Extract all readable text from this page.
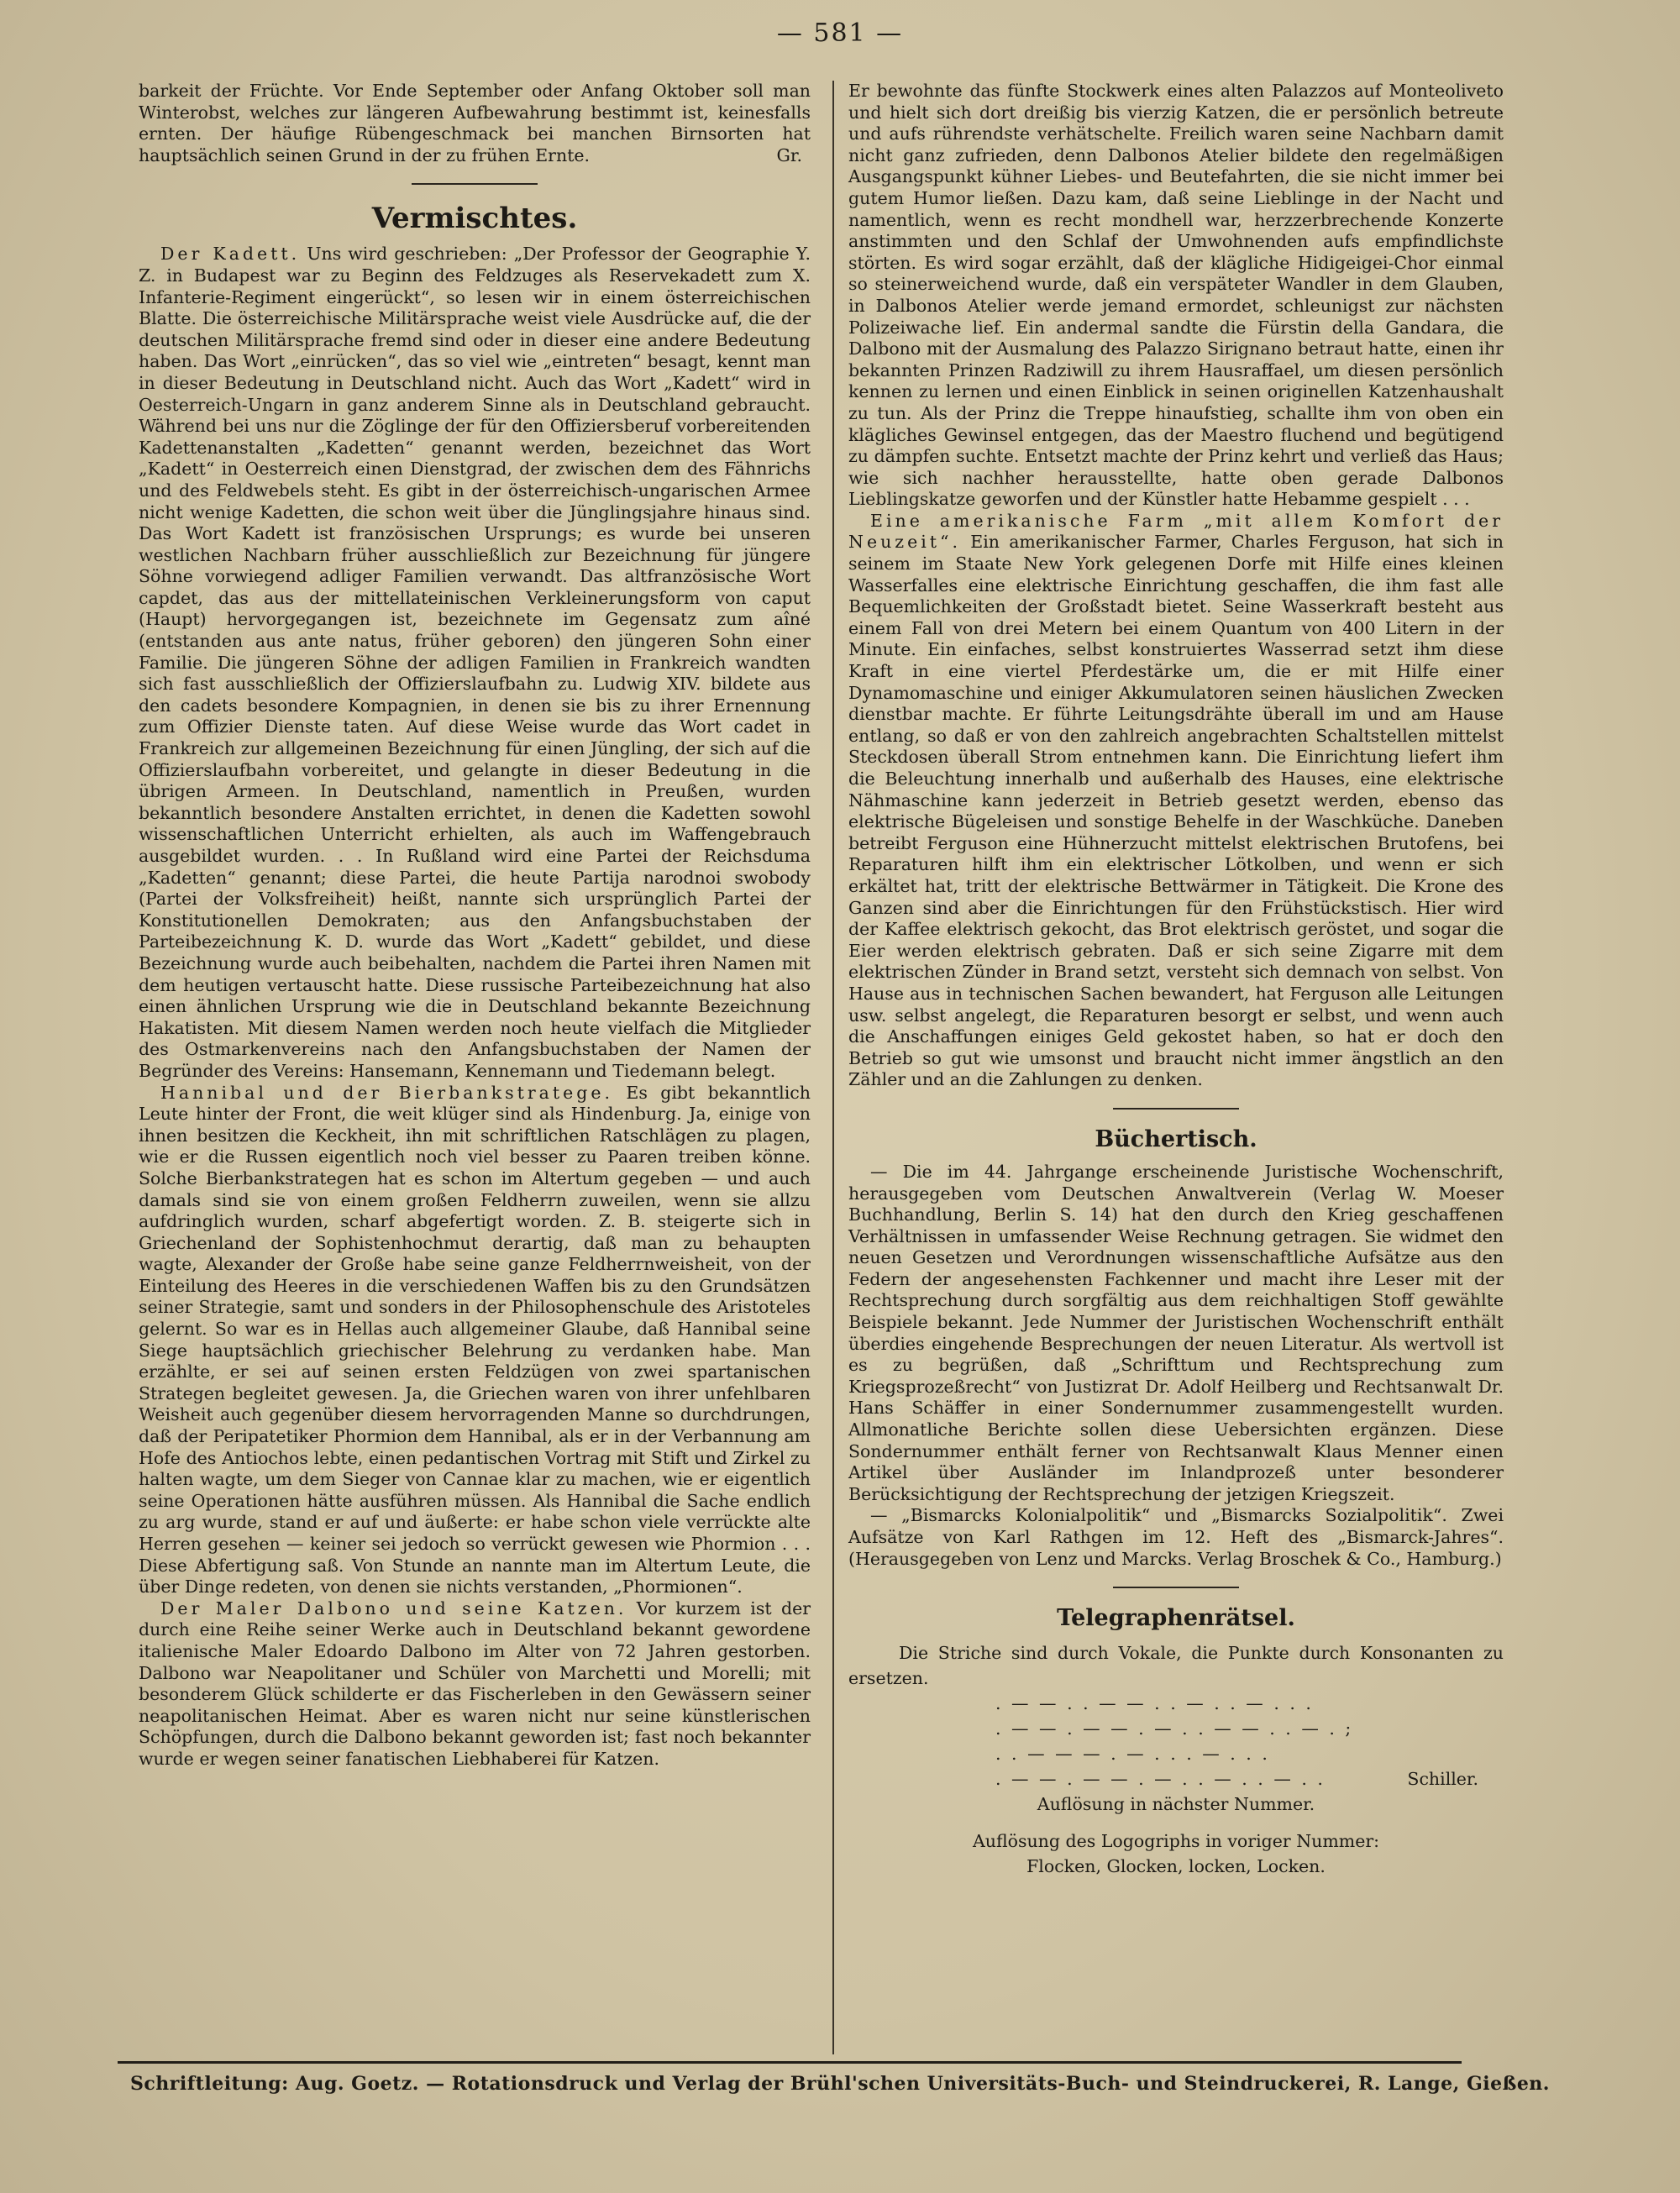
— 581 —

barkeit der Früchte. Vor Ende September oder Anfang Oktober soll man Winterobst, welches zur längeren Aufbewahrung bestimmt ist, keinesfalls ernten. Der häufige Rübengeschmack bei manchen Birnsorten hat hauptsächlich seinen Grund in der zu frühen Ernte.	Gr.

Vermischtes.

Der Kadett. Uns wird geschrieben: „Der Professor der Geographie Y. Z. in Budapest war zu Beginn des Feldzuges als Reservekadett zum X. Infanterie-Regiment eingerückt“, so lesen wir in einem österreichischen Blatte. Die österreichische Militärsprache weist viele Ausdrücke auf, die der deutschen Militärsprache fremd sind oder in dieser eine andere Bedeutung haben. Das Wort „einrücken“, das so viel wie „eintreten“ besagt, kennt man in dieser Bedeutung in Deutschland nicht. Auch das Wort „Kadett“ wird in Oesterreich-Ungarn in ganz anderem Sinne als in Deutschland gebraucht. Während bei uns nur die Zöglinge der für den Offiziersberuf vorbereitenden Kadettenanstalten „Kadetten“ genannt werden, bezeichnet das Wort „Kadett“ in Oesterreich einen Dienstgrad, der zwischen dem des Fähnrichs und des Feldwebels steht. Es gibt in der österreichisch-ungarischen Armee nicht wenige Kadetten, die schon weit über die Jünglingsjahre hinaus sind. Das Wort Kadett ist französischen Ursprungs; es wurde bei unseren westlichen Nachbarn früher ausschließlich zur Bezeichnung für jüngere Söhne vorwiegend adliger Familien verwandt. Das altfranzösische Wort capdet, das aus der mittellateinischen Verkleinerungsform von caput (Haupt) hervorgegangen ist, bezeichnete im Gegensatz zum aîné (entstanden aus ante natus, früher geboren) den jüngeren Sohn einer Familie. Die jüngeren Söhne der adligen Familien in Frankreich wandten sich fast ausschließlich der Offizierslaufbahn zu. Ludwig XIV. bildete aus den cadets besondere Kompagnien, in denen sie bis zu ihrer Ernennung zum Offizier Dienste taten. Auf diese Weise wurde das Wort cadet in Frankreich zur allgemeinen Bezeichnung für einen Jüngling, der sich auf die Offizierslaufbahn vorbereitet, und gelangte in dieser Bedeutung in die übrigen Armeen. In Deutschland, namentlich in Preußen, wurden bekanntlich besondere Anstalten errichtet, in denen die Kadetten sowohl wissenschaftlichen Unterricht erhielten, als auch im Waffengebrauch ausgebildet wurden. . . In Rußland wird eine Partei der Reichsduma „Kadetten“ genannt; diese Partei, die heute Partija narodnoi swobody (Partei der Volksfreiheit) heißt, nannte sich ursprünglich Partei der Konstitutionellen Demokraten; aus den Anfangsbuchstaben der Parteibezeichnung K. D. wurde das Wort „Kadett“ gebildet, und diese Bezeichnung wurde auch beibehalten, nachdem die Partei ihren Namen mit dem heutigen vertauscht hatte. Diese russische Parteibezeichnung hat also einen ähnlichen Ursprung wie die in Deutschland bekannte Bezeichnung Hakatisten. Mit diesem Namen werden noch heute vielfach die Mitglieder des Ostmarkenvereins nach den Anfangsbuchstaben der Namen der Begründer des Vereins: Hansemann, Kennemann und Tiedemann belegt.

Hannibal und der Bierbankstratege. Es gibt bekanntlich Leute hinter der Front, die weit klüger sind als Hindenburg. Ja, einige von ihnen besitzen die Keckheit, ihn mit schriftlichen Ratschlägen zu plagen, wie er die Russen eigentlich noch viel besser zu Paaren treiben könne. Solche Bierbankstrategen hat es schon im Altertum gegeben — und auch damals sind sie von einem großen Feldherrn zuweilen, wenn sie allzu aufdringlich wurden, scharf abgefertigt worden. Z. B. steigerte sich in Griechenland der Sophistenhochmut derartig, daß man zu behaupten wagte, Alexander der Große habe seine ganze Feldherrnweisheit, von der Einteilung des Heeres in die verschiedenen Waffen bis zu den Grundsätzen seiner Strategie, samt und sonders in der Philosophenschule des Aristoteles gelernt. So war es in Hellas auch allgemeiner Glaube, daß Hannibal seine Siege hauptsächlich griechischer Belehrung zu verdanken habe. Man erzählte, er sei auf seinen ersten Feldzügen von zwei spartanischen Strategen begleitet gewesen. Ja, die Griechen waren von ihrer unfehlbaren Weisheit auch gegenüber diesem hervorragenden Manne so durchdrungen, daß der Peripatetiker Phormion dem Hannibal, als er in der Verbannung am Hofe des Antiochos lebte, einen pedantischen Vortrag mit Stift und Zirkel zu halten wagte, um dem Sieger von Cannae klar zu machen, wie er eigentlich seine Operationen hätte ausführen müssen. Als Hannibal die Sache endlich zu arg wurde, stand er auf und äußerte: er habe schon viele verrückte alte Herren gesehen — keiner sei jedoch so verrückt gewesen wie Phormion . . . Diese Abfertigung saß. Von Stunde an nannte man im Altertum Leute, die über Dinge redeten, von denen sie nichts verstanden, „Phormionen“.

Der Maler Dalbono und seine Katzen. Vor kurzem ist der durch eine Reihe seiner Werke auch in Deutschland bekannt gewordene italienische Maler Edoardo Dalbono im Alter von 72 Jahren gestorben. Dalbono war Neapolitaner und Schüler von Marchetti und Morelli; mit besonderem Glück schilderte er das Fischerleben in den Gewässern seiner neapolitanischen Heimat. Aber es waren nicht nur seine künstlerischen Schöpfungen, durch die Dalbono bekannt geworden ist; fast noch bekannter wurde er wegen seiner fanatischen Liebhaberei für Katzen.

Er bewohnte das fünfte Stockwerk eines alten Palazzos auf Monteoliveto und hielt sich dort dreißig bis vierzig Katzen, die er persönlich betreute und aufs rührendste verhätschelte. Freilich waren seine Nachbarn damit nicht ganz zufrieden, denn Dalbonos Atelier bildete den regelmäßigen Ausgangspunkt kühner Liebes- und Beutefahrten, die sie nicht immer bei gutem Humor ließen. Dazu kam, daß seine Lieblinge in der Nacht und namentlich, wenn es recht mondhell war, herzzerbrechende Konzerte anstimmten und den Schlaf der Umwohnenden aufs empfindlichste störten. Es wird sogar erzählt, daß der klägliche Hidigeigei-Chor einmal so steinerweichend wurde, daß ein verspäteter Wandler in dem Glauben, in Dalbonos Atelier werde jemand ermordet, schleunigst zur nächsten Polizeiwache lief. Ein andermal sandte die Fürstin della Gandara, die Dalbono mit der Ausmalung des Palazzo Sirignano betraut hatte, einen ihr bekannten Prinzen Radziwill zu ihrem Hausraffael, um diesen persönlich kennen zu lernen und einen Einblick in seinen originellen Katzenhaushalt zu tun. Als der Prinz die Treppe hinaufstieg, schallte ihm von oben ein klägliches Gewinsel entgegen, das der Maestro fluchend und begütigend zu dämpfen suchte. Entsetzt machte der Prinz kehrt und verließ das Haus; wie sich nachher herausstellte, hatte oben gerade Dalbonos Lieblingskatze geworfen und der Künstler hatte Hebamme gespielt . . .

Eine amerikanische Farm „mit allem Komfort der Neuzeit“. Ein amerikanischer Farmer, Charles Ferguson, hat sich in seinem im Staate New York gelegenen Dorfe mit Hilfe eines kleinen Wasserfalles eine elektrische Einrichtung geschaffen, die ihm fast alle Bequemlichkeiten der Großstadt bietet. Seine Wasserkraft besteht aus einem Fall von drei Metern bei einem Quantum von 400 Litern in der Minute. Ein einfaches, selbst konstruiertes Wasserrad setzt ihm diese Kraft in eine viertel Pferdestärke um, die er mit Hilfe einer Dynamomaschine und einiger Akkumulatoren seinen häuslichen Zwecken dienstbar machte. Er führte Leitungsdrähte überall im und am Hause entlang, so daß er von den zahlreich angebrachten Schaltstellen mittelst Steckdosen überall Strom entnehmen kann. Die Einrichtung liefert ihm die Beleuchtung innerhalb und außerhalb des Hauses, eine elektrische Nähmaschine kann jederzeit in Betrieb gesetzt werden, ebenso das elektrische Bügeleisen und sonstige Behelfe in der Waschküche. Daneben betreibt Ferguson eine Hühnerzucht mittelst elektrischen Brutofens, bei Reparaturen hilft ihm ein elektrischer Lötkolben, und wenn er sich erkältet hat, tritt der elektrische Bettwärmer in Tätigkeit. Die Krone des Ganzen sind aber die Einrichtungen für den Frühstückstisch. Hier wird der Kaffee elektrisch gekocht, das Brot elektrisch geröstet, und sogar die Eier werden elektrisch gebraten. Daß er sich seine Zigarre mit dem elektrischen Zünder in Brand setzt, versteht sich demnach von selbst. Von Hause aus in technischen Sachen bewandert, hat Ferguson alle Leitungen usw. selbst angelegt, die Reparaturen besorgt er selbst, und wenn auch die Anschaffungen einiges Geld gekostet haben, so hat er doch den Betrieb so gut wie umsonst und braucht nicht immer ängstlich an den Zähler und an die Zahlungen zu denken.

Büchertisch.

— Die im 44. Jahrgange erscheinende Juristische Wochenschrift, herausgegeben vom Deutschen Anwaltverein (Verlag W. Moeser Buchhandlung, Berlin S. 14) hat den durch den Krieg geschaffenen Verhältnissen in umfassender Weise Rechnung getragen. Sie widmet den neuen Gesetzen und Verordnungen wissenschaftliche Aufsätze aus den Federn der angesehensten Fachkenner und macht ihre Leser mit der Rechtsprechung durch sorgfältig aus dem reichhaltigen Stoff gewählte Beispiele bekannt. Jede Nummer der Juristischen Wochenschrift enthält überdies eingehende Besprechungen der neuen Literatur. Als wertvoll ist es zu begrüßen, daß „Schrifttum und Rechtsprechung zum Kriegsprozeßrecht“ von Justizrat Dr. Adolf Heilberg und Rechtsanwalt Dr. Hans Schäffer in einer Sondernummer zusammengestellt wurden. Allmonatliche Berichte sollen diese Uebersichten ergänzen. Diese Sondernummer enthält ferner von Rechtsanwalt Klaus Menner einen Artikel über Ausländer im Inlandprozeß unter besonderer Berücksichtigung der Rechtsprechung der jetzigen Kriegszeit.

— „Bismarcks Kolonialpolitik“ und „Bismarcks Sozialpolitik“. Zwei Aufsätze von Karl Rathgen im 12. Heft des „Bismarck-Jahres“. (Herausgegeben von Lenz und Marcks. Verlag Broschek & Co., Hamburg.)

Telegraphenrätsel.

Die Striche sind durch Vokale, die Punkte durch Konsonanten zu ersetzen.

. — — . . — — . . — . . — . . .
. — — . — — . — . . — — . . — . ;
. . — — — . — . . . — . . .
. — — . — — . — . . — . . — . .	Schiller.
Auflösung in nächster Nummer.
Auflösung des Logogriphs in voriger Nummer:
Flocken, Glocken, locken, Locken.
Schriftleitung: Aug. Goetz. — Rotationsdruck und Verlag der Brühl'schen Universitäts-Buch- und Steindruckerei, R. Lange, Gießen.
